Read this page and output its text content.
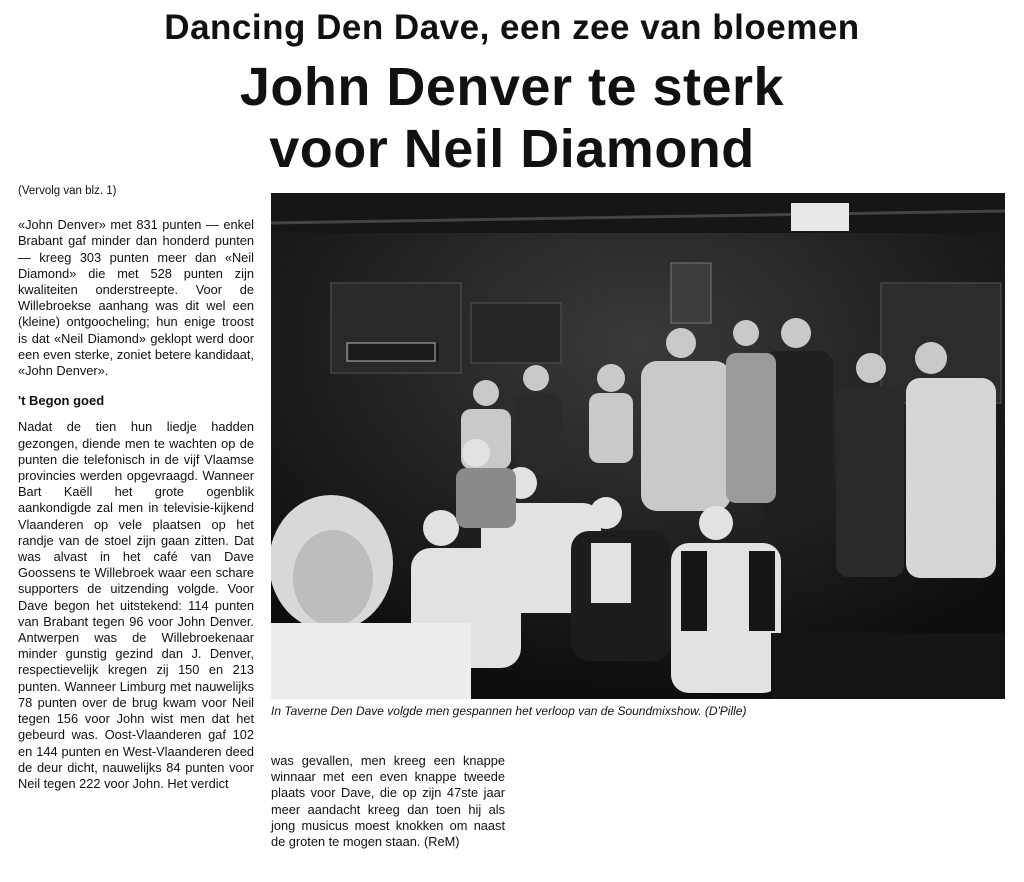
Dancing Den Dave, een zee van bloemen
John Denver te sterk
voor Neil Diamond

(Vervolg van blz. 1)

«John Denver» met 831 punten — enkel Brabant gaf minder dan honderd punten — kreeg 303 punten meer dan «Neil Diamond» die met 528 punten zijn kwaliteiten onderstreepte. Voor de Willebroekse aanhang was dit wel een (kleine) ontgoocheling; hun enige troost is dat «Neil Diamond» geklopt werd door een even sterke, zoniet betere kandidaat, «John Denver».

't Begon goed

Nadat de tien hun liedje hadden gezongen, diende men te wachten op de punten die telefonisch in de vijf Vlaamse provincies werden opgevraagd. Wanneer Bart Kaëll het grote ogenblik aankondigde zal men in televisie-kijkend Vlaanderen op vele plaatsen op het randje van de stoel zijn gaan zitten. Dat was alvast in het café van Dave Goossens te Willebroek waar een schare supporters de uitzending volgde. Voor Dave begon het uitstekend: 114 punten van Brabant tegen 96 voor John Denver. Antwerpen was de Willebroekenaar minder gunstig gezind dan J. Denver, respectievelijk kregen zij 150 en 213 punten. Wanneer Limburg met nauwelijks 78 punten over de brug kwam voor Neil tegen 156 voor John wist men dat het gebeurd was. Oost-Vlaanderen gaf 102 en 144 punten en West-Vlaanderen deed de deur dicht, nauwelijks 84 punten voor Neil tegen 222 voor John. Het verdict

In Taverne Den Dave volgde men gespannen het verloop van de Soundmixshow. (D'Pille)

was gevallen, men kreeg een knappe winnaar met een even knappe tweede plaats voor Dave, die op zijn 47ste jaar meer aandacht kreeg dan toen hij als jong musicus moest knokken om naast de groten te mogen staan. (ReM)
